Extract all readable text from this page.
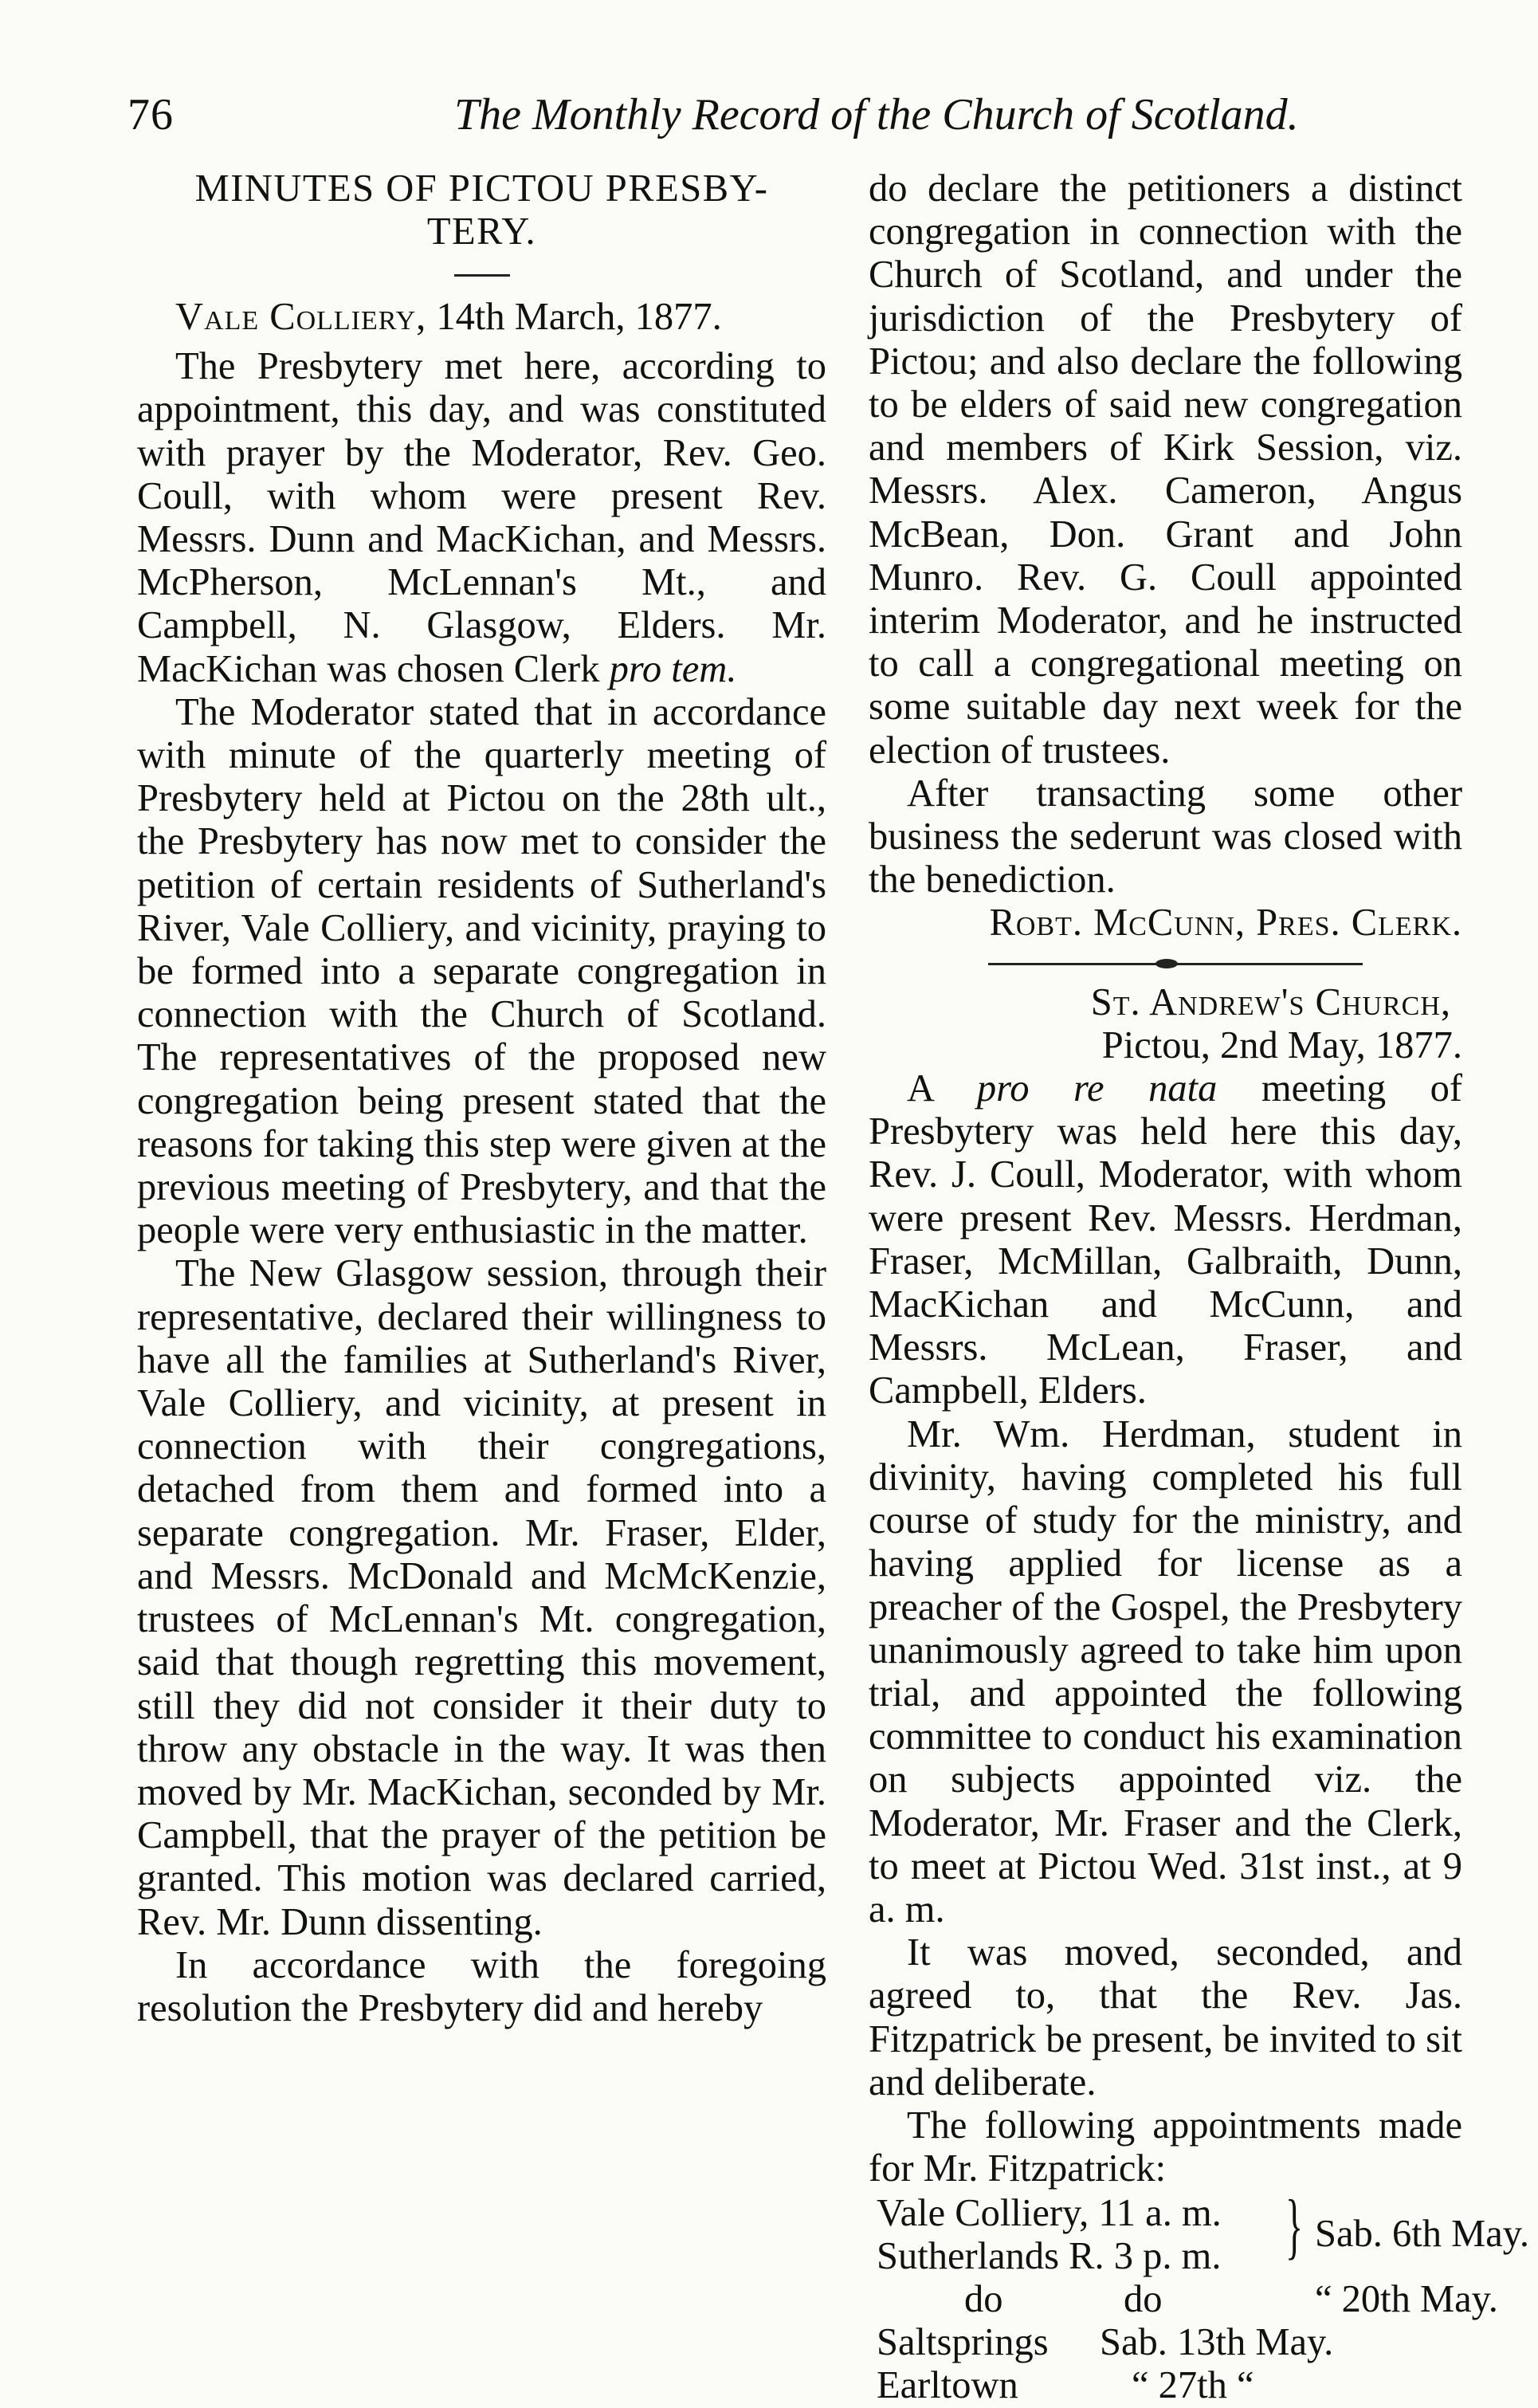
76	The Monthly Record of the Church of Scotland.

MINUTES OF PICTOU PRESBY-

TERY.

Vale Colliery, 14th March, 1877.

The Presbytery met here, according to appointment, this day, and was constituted with prayer by the Moderator, Rev. Geo. Coull, with whom were present Rev. Messrs. Dunn and MacKichan, and Messrs. McPherson, McLennan's Mt., and Campbell, N. Glasgow, Elders. Mr. MacKichan was chosen Clerk pro tem.

The Moderator stated that in accordance with minute of the quarterly meeting of Presbytery held at Pictou on the 28th ult., the Presbytery has now met to consider the petition of certain residents of Sutherland's River, Vale Colliery, and vicinity, praying to be formed into a separate congregation in connection with the Church of Scotland. The representatives of the proposed new congregation being present stated that the reasons for taking this step were given at the previous meeting of Presbytery, and that the people were very enthusiastic in the matter.

The New Glasgow session, through their representative, declared their willingness to have all the families at Sutherland's River, Vale Colliery, and vicinity, at present in connection with their congregations, detached from them and formed into a separate congregation. Mr. Fraser, Elder, and Messrs. McDonald and McMcKenzie, trustees of McLennan's Mt. congregation, said that though regretting this movement, still they did not consider it their duty to throw any obstacle in the way. It was then moved by Mr. MacKichan, seconded by Mr. Campbell, that the prayer of the petition be granted. This motion was declared carried, Rev. Mr. Dunn dissenting.

In accordance with the foregoing resolution the Presbytery did and hereby

do declare the petitioners a distinct congregation in connection with the Church of Scotland, and under the jurisdiction of the Presbytery of Pictou; and also declare the following to be elders of said new congregation and members of Kirk Session, viz. Messrs. Alex. Cameron, Angus McBean, Don. Grant and John Munro. Rev. G. Coull appointed interim Moderator, and he instructed to call a congregational meeting on some suitable day next week for the election of trustees.

After transacting some other business the sederunt was closed with the benediction.

Robt. McCunn, Pres. Clerk.

St. Andrew's Church,

Pictou, 2nd May, 1877.

A pro re nata meeting of Presbytery was held here this day, Rev. J. Coull, Moderator, with whom were present Rev. Messrs. Herdman, Fraser, McMillan, Galbraith, Dunn, MacKichan and McCunn, and Messrs. McLean, Fraser, and Campbell, Elders.

Mr. Wm. Herdman, student in divinity, having completed his full course of study for the ministry, and having applied for license as a preacher of the Gospel, the Presbytery unanimously agreed to take him upon trial, and appointed the following committee to conduct his examination on subjects appointed viz. the Moderator, Mr. Fraser and the Clerk, to meet at Pictou Wed. 31st inst., at 9 a. m.

It was moved, seconded, and agreed to, that the Rev. Jas. Fitzpatrick be present, be invited to sit and deliberate.

The following appointments made for Mr. Fitzpatrick:

Vale Colliery, 11 a. m. } Sab. 6th May.
Sutherlands R. 3 p. m.
do	do	“ 20th May.
Saltsprings Sab. 13th May.
Earltown	“ 27th “
